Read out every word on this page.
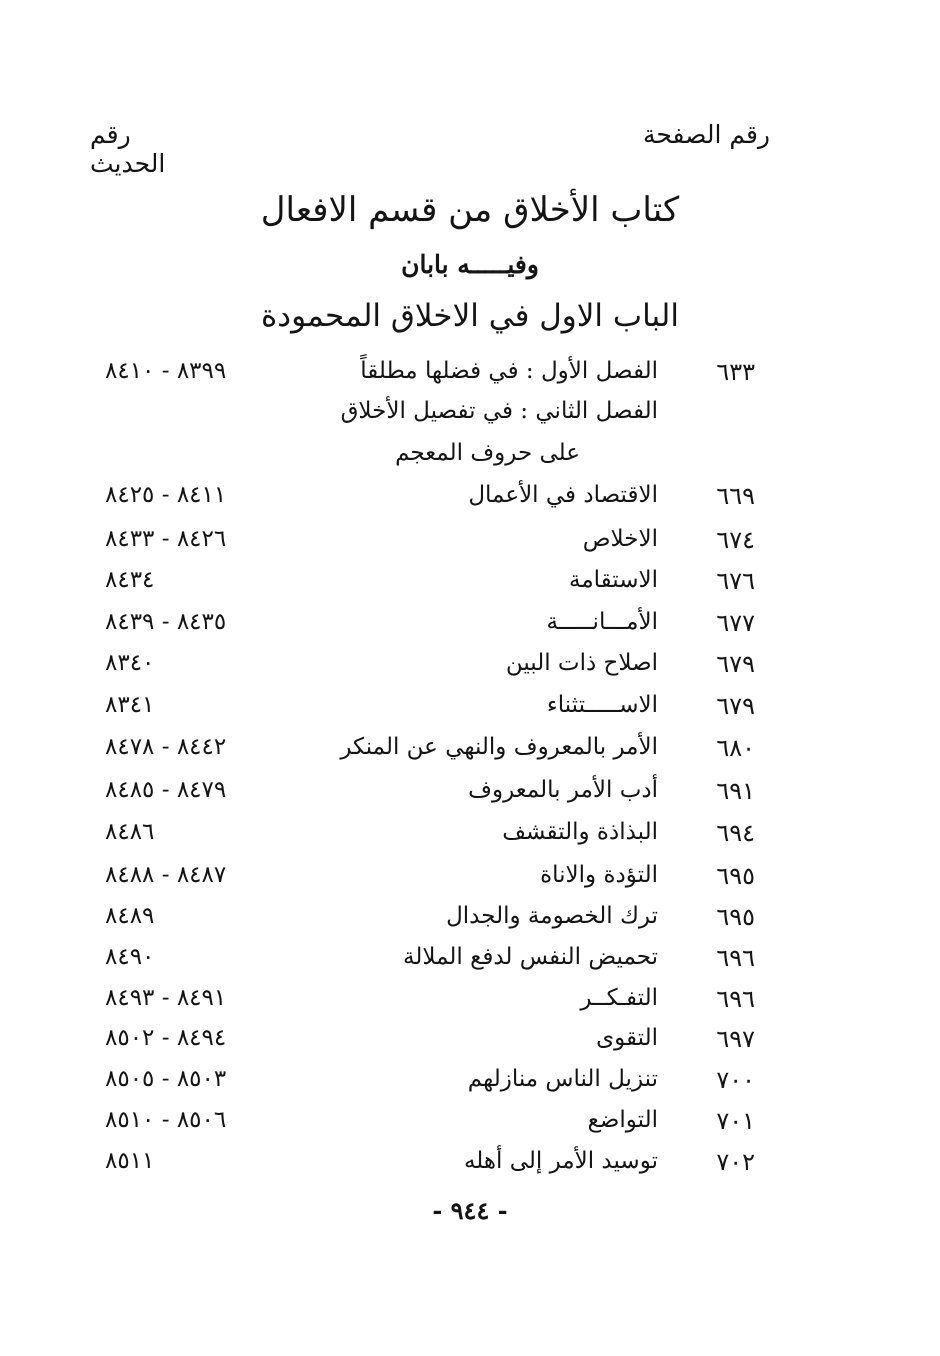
رقم الصفحة
رقم الحديث
كتاب الأخلاق من قسم الافعال
وفيـــــه بابان
الباب الاول في الاخلاق المحمودة
٦٣٣
الفصل الأول : في فضلها مطلقاً
٨٣٩٩ - ٨٤١٠
الفصل الثاني : في تفصيل الأخلاق
على حروف المعجم
٦٦٩
الاقتصاد في الأعمال
٨٤١١ - ٨٤٢٥
٦٧٤
الاخلاص
٨٤٢٦ - ٨٤٣٣
٦٧٦
الاستقامة
٨٤٣٤
٦٧٧
الأمـــانـــــة
٨٤٣٥ - ٨٤٣٩
٦٧٩
اصلاح ذات البين
٨٣٤٠
٦٧٩
الاســـــتثناء
٨٣٤١
٦٨٠
الأمر بالمعروف والنهي عن المنكر
٨٤٤٢ - ٨٤٧٨
٦٩١
أدب الأمر بالمعروف
٨٤٧٩ - ٨٤٨٥
٦٩٤
البذاذة والتقشف
٨٤٨٦
٦٩٥
التؤدة والاناة
٨٤٨٧ - ٨٤٨٨
٦٩٥
ترك الخصومة والجدال
٨٤٨٩
٦٩٦
تحميض النفس لدفع الملالة
٨٤٩٠
٦٩٦
التفـكــر
٨٤٩١ - ٨٤٩٣
٦٩٧
التقوى
٨٤٩٤ - ٨٥٠٢
٧٠٠
تنزيل الناس منازلهم
٨٥٠٣ - ٨٥٠٥
٧٠١
التواضع
٨٥٠٦ - ٨٥١٠
٧٠٢
توسيد الأمر إلى أهله
٨٥١١
- ٩٤٤ -
